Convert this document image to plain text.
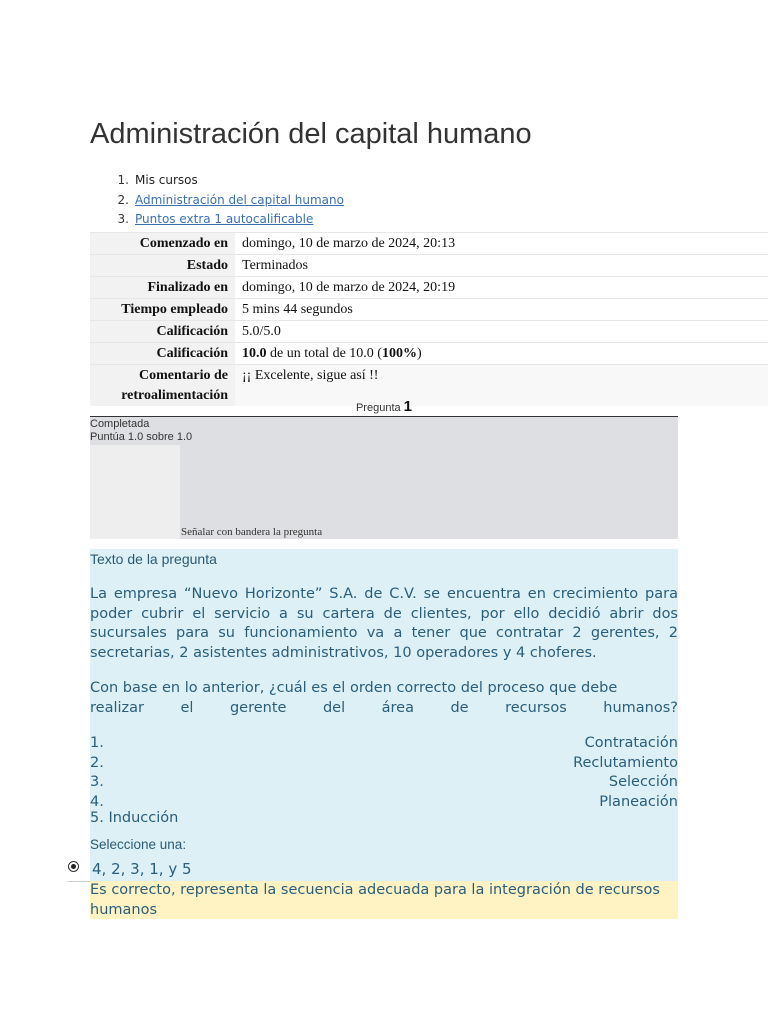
Administración del capital humano
1. Mis cursos
2. Administración del capital humano
3. Puntos extra 1 autocalificable
Comenzado en	domingo, 10 de marzo de 2024, 20:13
Estado	Terminados
Finalizado en	domingo, 10 de marzo de 2024, 20:19
Tiempo empleado	5 mins 44 segundos
Calificación	5.0/5.0
Calificación	10.0 de un total de 10.0 (100%)

Comentario de
retroalimentación	¡¡ Excelente, sigue así !!
Pregunta 1
Completada
Puntúa 1.0 sobre 1.0
Señalar con bandera la pregunta
Texto de la pregunta

La empresa “Nuevo Horizonte” S.A. de C.V. se encuentra en crecimiento para poder cubrir el servicio a su cartera de clientes, por ello decidió abrir dos sucursales para su funcionamiento va a tener que contratar 2 gerentes, 2 secretarias, 2 asistentes administrativos, 10 operadores y 4 choferes.

Con base en lo anterior, ¿cuál es el orden correcto del proceso que debe
realizar el gerente del área de recursos humanos?
1.	Contratación
2.	Reclutamiento
3.	Selección
4.	Planeación
5. Inducción
Seleccione una:
4, 2, 3, 1, y 5
Es correcto, representa la secuencia adecuada para la integración de recursos humanos
